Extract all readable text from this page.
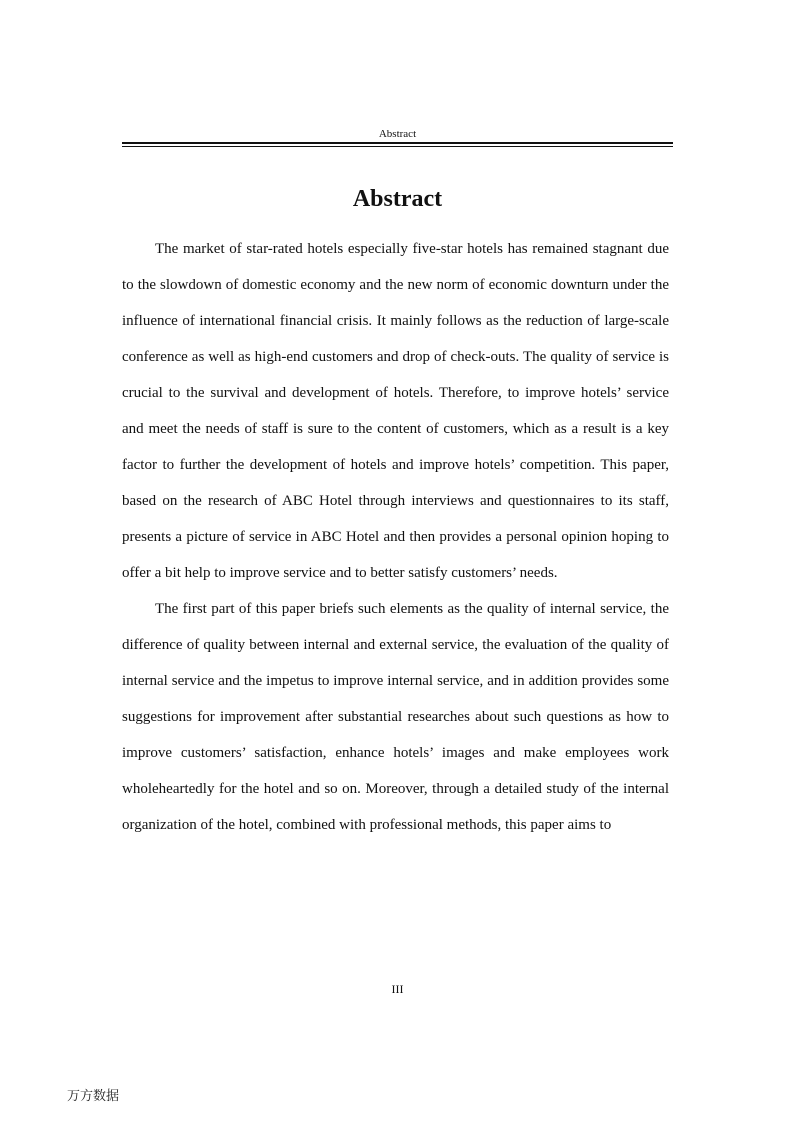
Abstract
Abstract

The market of star-rated hotels especially five-star hotels has remained stagnant due to the slowdown of domestic economy and the new norm of economic downturn under the influence of international financial crisis. It mainly follows as the reduction of large-scale conference as well as high-end customers and drop of check-outs. The quality of service is crucial to the survival and development of hotels. Therefore, to improve hotels’ service and meet the needs of staff is sure to the content of customers, which as a result is a key factor to further the development of hotels and improve hotels’ competition. This paper, based on the research of ABC Hotel through interviews and questionnaires to its staff, presents a picture of service in ABC Hotel and then provides a personal opinion hoping to offer a bit help to improve service and to better satisfy customers’ needs.

The first part of this paper briefs such elements as the quality of internal service, the difference of quality between internal and external service, the evaluation of the quality of internal service and the impetus to improve internal service, and in addition provides some suggestions for improvement after substantial researches about such questions as how to improve customers’ satisfaction, enhance hotels’ images and make employees work wholeheartedly for the hotel and so on. Moreover, through a detailed study of the internal organization of the hotel, combined with professional methods, this paper aims to

III
万方数据
